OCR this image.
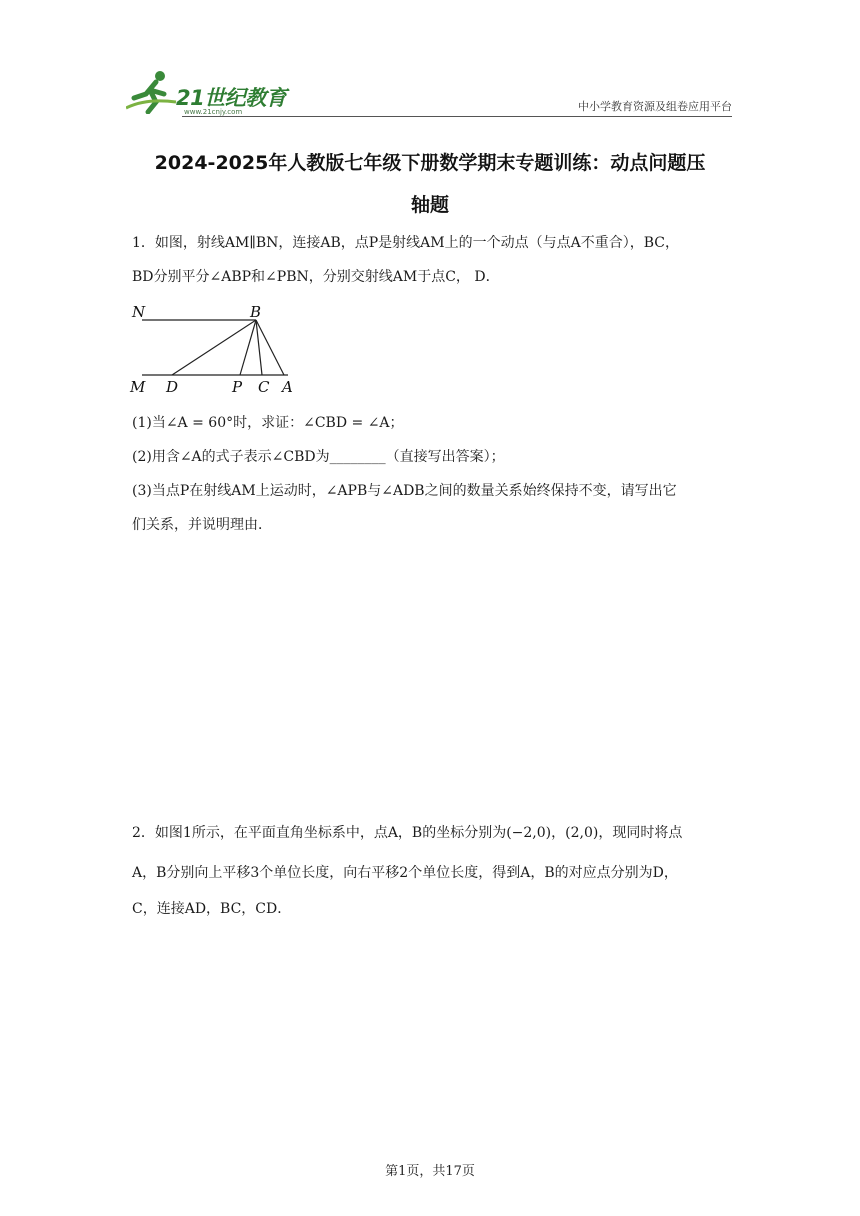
21世纪教育
www.21cnjy.com	中小学教育资源及组卷应用平台
2024-2025年人教版七年级下册数学期末专题训练：动点问题压
轴题
1．如图，射线AM∥BN，连接AB，点P是射线AM上的一个动点（与点A不重合），BC，
BD分别平分∠ABP和∠PBN，分别交射线AM于点C， D．
N	B
M D	P C A
(1)当∠A = 60°时，求证：∠CBD = ∠A；
(2)用含∠A的式子表示∠CBD为________（直接写出答案）；
(3)当点P在射线AM上运动时，∠APB与∠ADB之间的数量关系始终保持不变，请写出它
们关系，并说明理由．
2．如图1所示，在平面直角坐标系中，点A，B的坐标分别为(−2,0)，(2,0)，现同时将点
A，B分别向上平移3个单位长度，向右平移2个单位长度，得到A，B的对应点分别为D，
C，连接AD，BC，CD．
第1页，共17页
